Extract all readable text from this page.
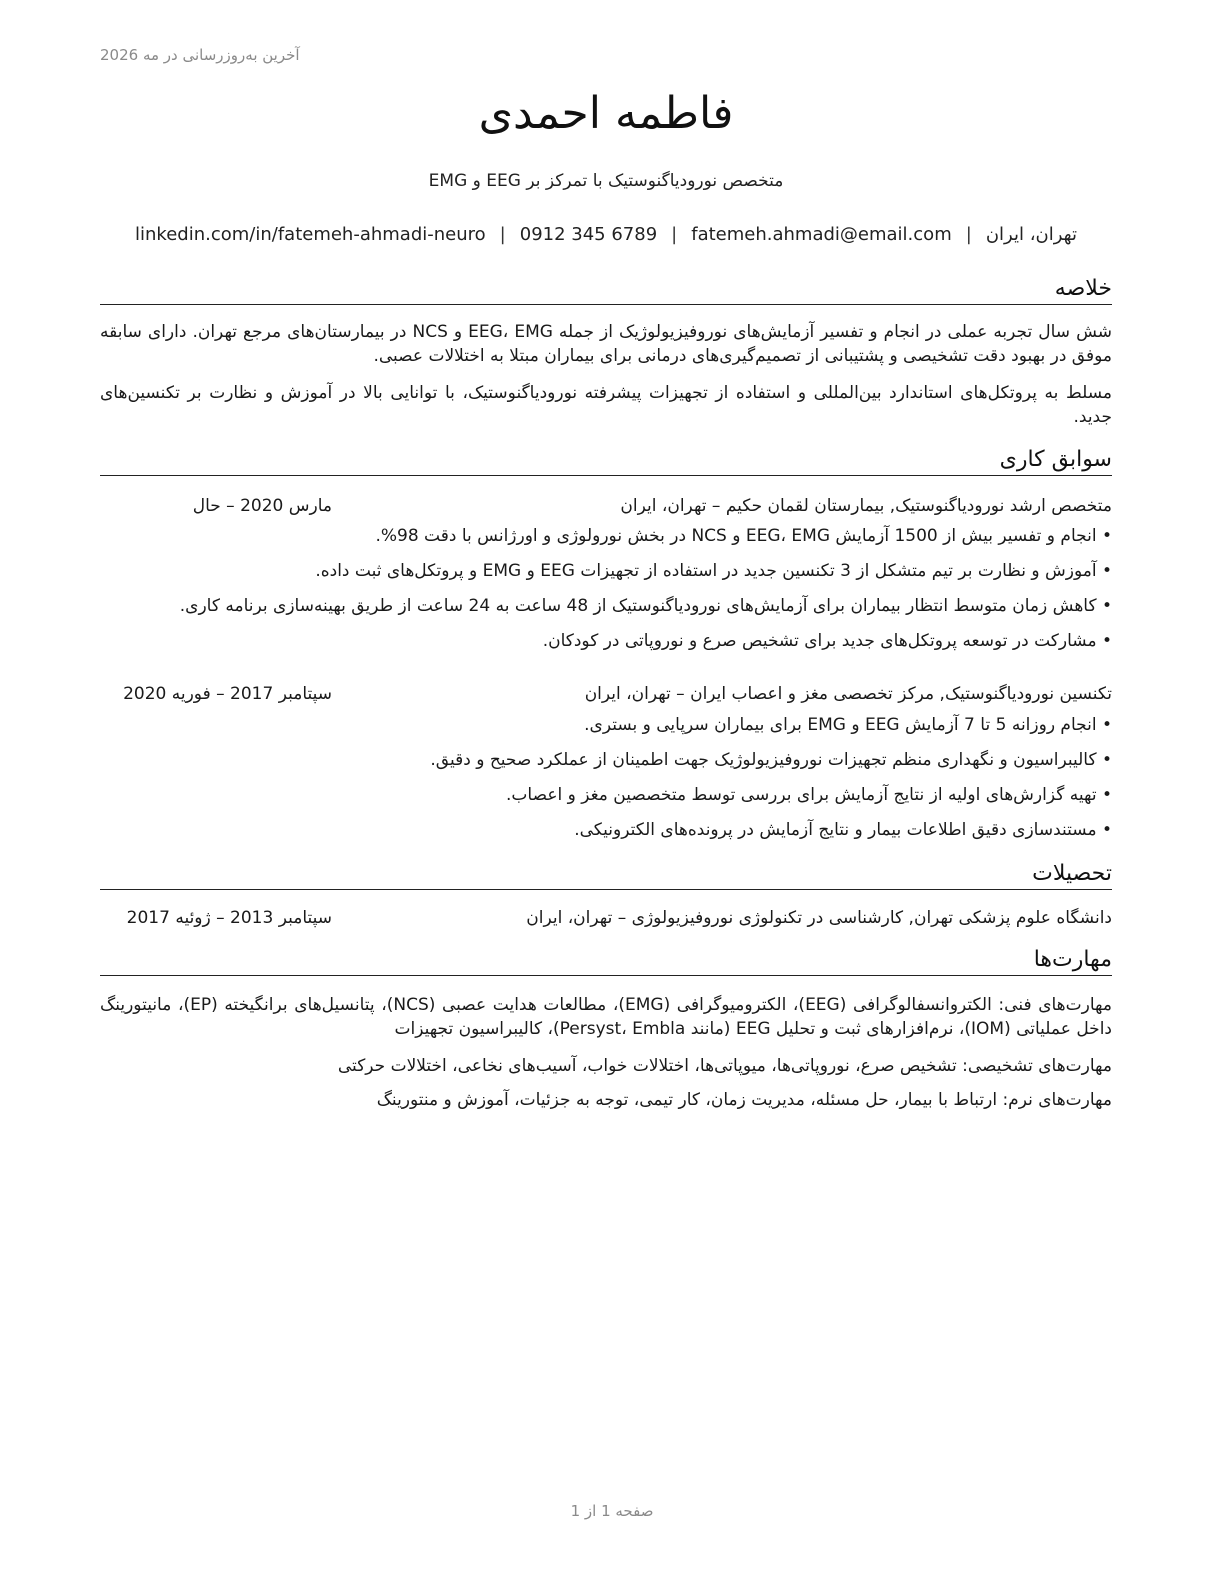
آخرین به‌روزرسانی در مه 2026
فاطمه احمدی
متخصص نورودیاگنوستیک با تمرکز بر EEG و EMG
تهران، ایران|fatemeh.ahmadi@email.com|0912 345 6789|linkedin.com/in/fatemeh-ahmadi-neuro
خلاصه
شش سال تجربه عملی در انجام و تفسیر آزمایش‌های نوروفیزیولوژیک از جمله EEG، EMG و NCS در بیمارستان‌های مرجع تهران. دارای سابقه موفق در بهبود دقت تشخیصی و پشتیبانی از تصمیم‌گیری‌های درمانی برای بیماران مبتلا به اختلالات عصبی.
مسلط به پروتکل‌های استاندارد بین‌المللی و استفاده از تجهیزات پیشرفته نورودیاگنوستیک، با توانایی بالا در آموزش و نظارت بر تکنسین‌های جدید.
سوابق کاری
متخصص ارشد نورودیاگنوستیک, بیمارستان لقمان حکیم – تهران، ایران
مارس 2020 – حال
• انجام و تفسیر بیش از 1500 آزمایش EEG، EMG و NCS در بخش نورولوژی و اورژانس با دقت 98%.
• آموزش و نظارت بر تیم متشکل از 3 تکنسین جدید در استفاده از تجهیزات EEG و EMG و پروتکل‌های ثبت داده.
• کاهش زمان متوسط انتظار بیماران برای آزمایش‌های نورودیاگنوستیک از 48 ساعت به 24 ساعت از طریق بهینه‌سازی برنامه کاری.
• مشارکت در توسعه پروتکل‌های جدید برای تشخیص صرع و نوروپاتی در کودکان.
تکنسین نورودیاگنوستیک, مرکز تخصصی مغز و اعصاب ایران – تهران، ایران
سپتامبر 2017 – فوریه 2020
• انجام روزانه 5 تا 7 آزمایش EEG و EMG برای بیماران سرپایی و بستری.
• کالیبراسیون و نگهداری منظم تجهیزات نوروفیزیولوژیک جهت اطمینان از عملکرد صحیح و دقیق.
• تهیه گزارش‌های اولیه از نتایج آزمایش برای بررسی توسط متخصصین مغز و اعصاب.
• مستندسازی دقیق اطلاعات بیمار و نتایج آزمایش در پرونده‌های الکترونیکی.
تحصیلات
دانشگاه علوم پزشکی تهران, کارشناسی در تکنولوژی نوروفیزیولوژی – تهران، ایران
سپتامبر 2013 – ژوئیه 2017
مهارت‌ها
مهارت‌های فنی: الکتروانسفالوگرافی (EEG)، الکترومیوگرافی (EMG)، مطالعات هدایت عصبی (NCS)، پتانسیل‌های برانگیخته (EP)، مانیتورینگ داخل عملیاتی (IOM)، نرم‌افزارهای ثبت و تحلیل EEG (مانند Persyst، Embla)، کالیبراسیون تجهیزات
مهارت‌های تشخیصی: تشخیص صرع، نوروپاتی‌ها، میوپاتی‌ها، اختلالات خواب، آسیب‌های نخاعی، اختلالات حرکتی
مهارت‌های نرم: ارتباط با بیمار، حل مسئله، مدیریت زمان، کار تیمی، توجه به جزئیات، آموزش و منتورینگ
صفحه 1 از 1
